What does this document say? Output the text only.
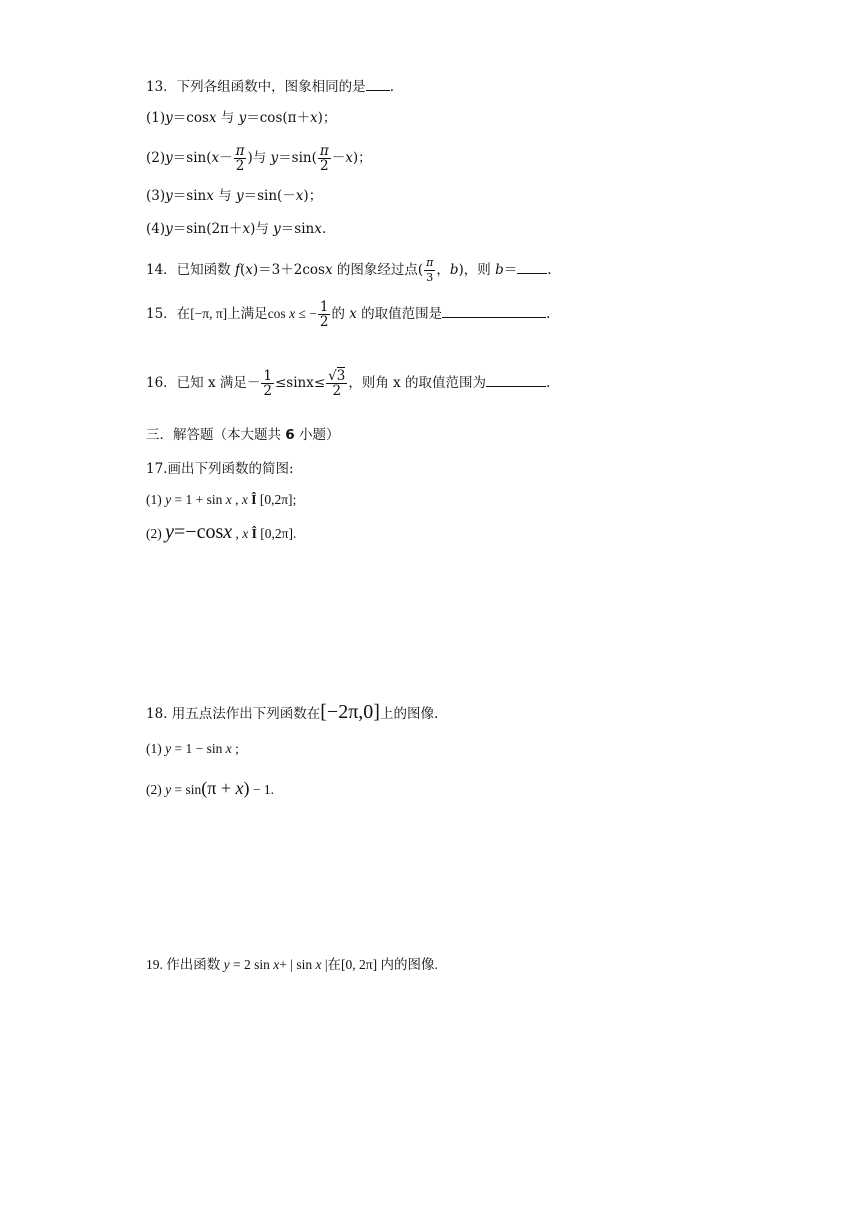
13．下列各组函数中，图象相同的是 .
(1)y＝cosx 与 y＝cos(π＋x)；
$(2)y=\sin(x- \frac{\pi}{2}$ )与 $y=\sin( \frac{\pi}{2} -x)$；
(3)y＝sinx 与 y＝sin(－x)；
(4)y＝sin(2π＋x)与 y＝sinx.
14．已知函数 f(x)＝3＋2cosx 的图象经过点( $\frac{\pi}{3}$ ，b)，则 b＝ .
15．在[−π, π]上满足cos x ≤ − $\frac{1}{2}$ 的 x 的取值范围是	.
16．已知 x 满足－ $\frac{1}{2} \le\sin x\le \frac{√3}{2}$ ，则角 x 的取值范围为	.
三．解答题（本大题共 6 小题）
17.画出下列函数的简图:
(1) y = 1 + sin x , x Î [0,2π];
(2) y=−cosx , x Î [0,2π].
18. 用五点法作出下列函数在[−2π,0]上的图像.
(1) y = 1 − sin x ;
(2) y = sin(π + x) − 1.
19. 作出函数 y = 2 sin x+ | sin x |在[0, 2π] 内的图像.
